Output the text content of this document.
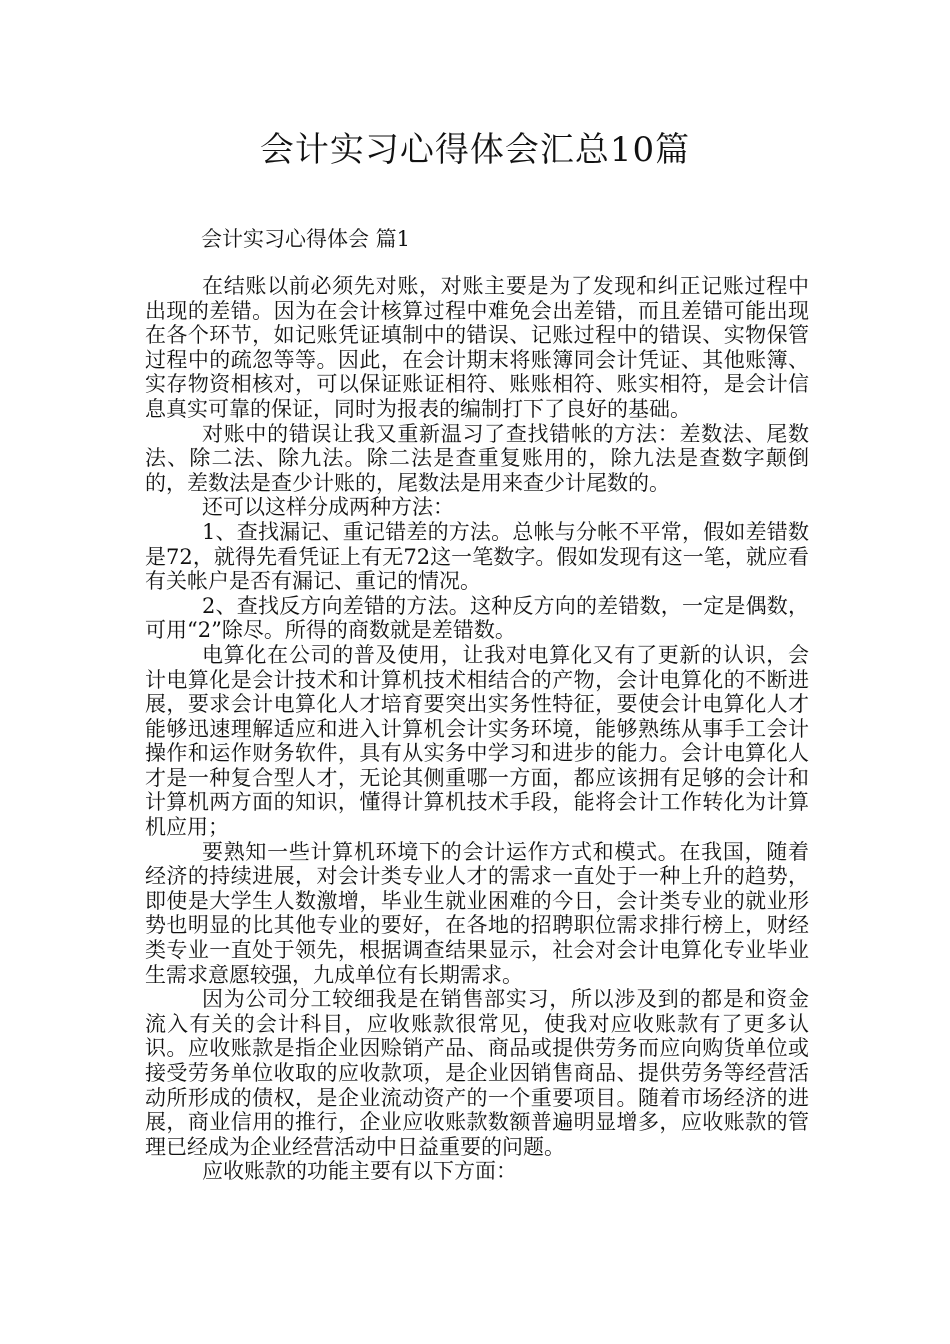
会计实习心得体会汇总10篇
会计实习心得体会 篇1

在结账以前必须先对账，对账主要是为了发现和纠正记账过程中出现的差错。因为在会计核算过程中难免会出差错，而且差错可能出现在各个环节，如记账凭证填制中的错误、记账过程中的错误、实物保管过程中的疏忽等等。因此，在会计期末将账簿同会计凭证、其他账簿、实存物资相核对，可以保证账证相符、账账相符、账实相符，是会计信息真实可靠的保证，同时为报表的编制打下了良好的基础。

对账中的错误让我又重新温习了查找错帐的方法：差数法、尾数法、除二法、除九法。除二法是查重复账用的，除九法是查数字颠倒的，差数法是查少计账的，尾数法是用来查少计尾数的。

还可以这样分成两种方法：

1、查找漏记、重记错差的方法。总帐与分帐不平常，假如差错数是72，就得先看凭证上有无72这一笔数字。假如发现有这一笔，就应看有关帐户是否有漏记、重记的情况。

2、查找反方向差错的方法。这种反方向的差错数，一定是偶数，可用“2”除尽。所得的商数就是差错数。

电算化在公司的普及使用，让我对电算化又有了更新的认识，会计电算化是会计技术和计算机技术相结合的产物，会计电算化的不断进展，要求会计电算化人才培育要突出实务性特征，要使会计电算化人才能够迅速理解适应和进入计算机会计实务环境，能够熟练从事手工会计操作和运作财务软件，具有从实务中学习和进步的能力。会计电算化人才是一种复合型人才，无论其侧重哪一方面，都应该拥有足够的会计和计算机两方面的知识，懂得计算机技术手段，能将会计工作转化为计算机应用；

要熟知一些计算机环境下的会计运作方式和模式。在我国，随着经济的持续进展，对会计类专业人才的需求一直处于一种上升的趋势，即使是大学生人数激增，毕业生就业困难的今日，会计类专业的就业形势也明显的比其他专业的要好，在各地的招聘职位需求排行榜上，财经类专业一直处于领先，根据调查结果显示，社会对会计电算化专业毕业生需求意愿较强，九成单位有长期需求。

因为公司分工较细我是在销售部实习，所以涉及到的都是和资金流入有关的会计科目，应收账款很常见，使我对应收账款有了更多认识。应收账款是指企业因赊销产品、商品或提供劳务而应向购货单位或接受劳务单位收取的应收款项，是企业因销售商品、提供劳务等经营活动所形成的债权，是企业流动资产的一个重要项目。随着市场经济的进展，商业信用的推行，企业应收账款数额普遍明显增多，应收账款的管理已经成为企业经营活动中日益重要的问题。

应收账款的功能主要有以下方面：
